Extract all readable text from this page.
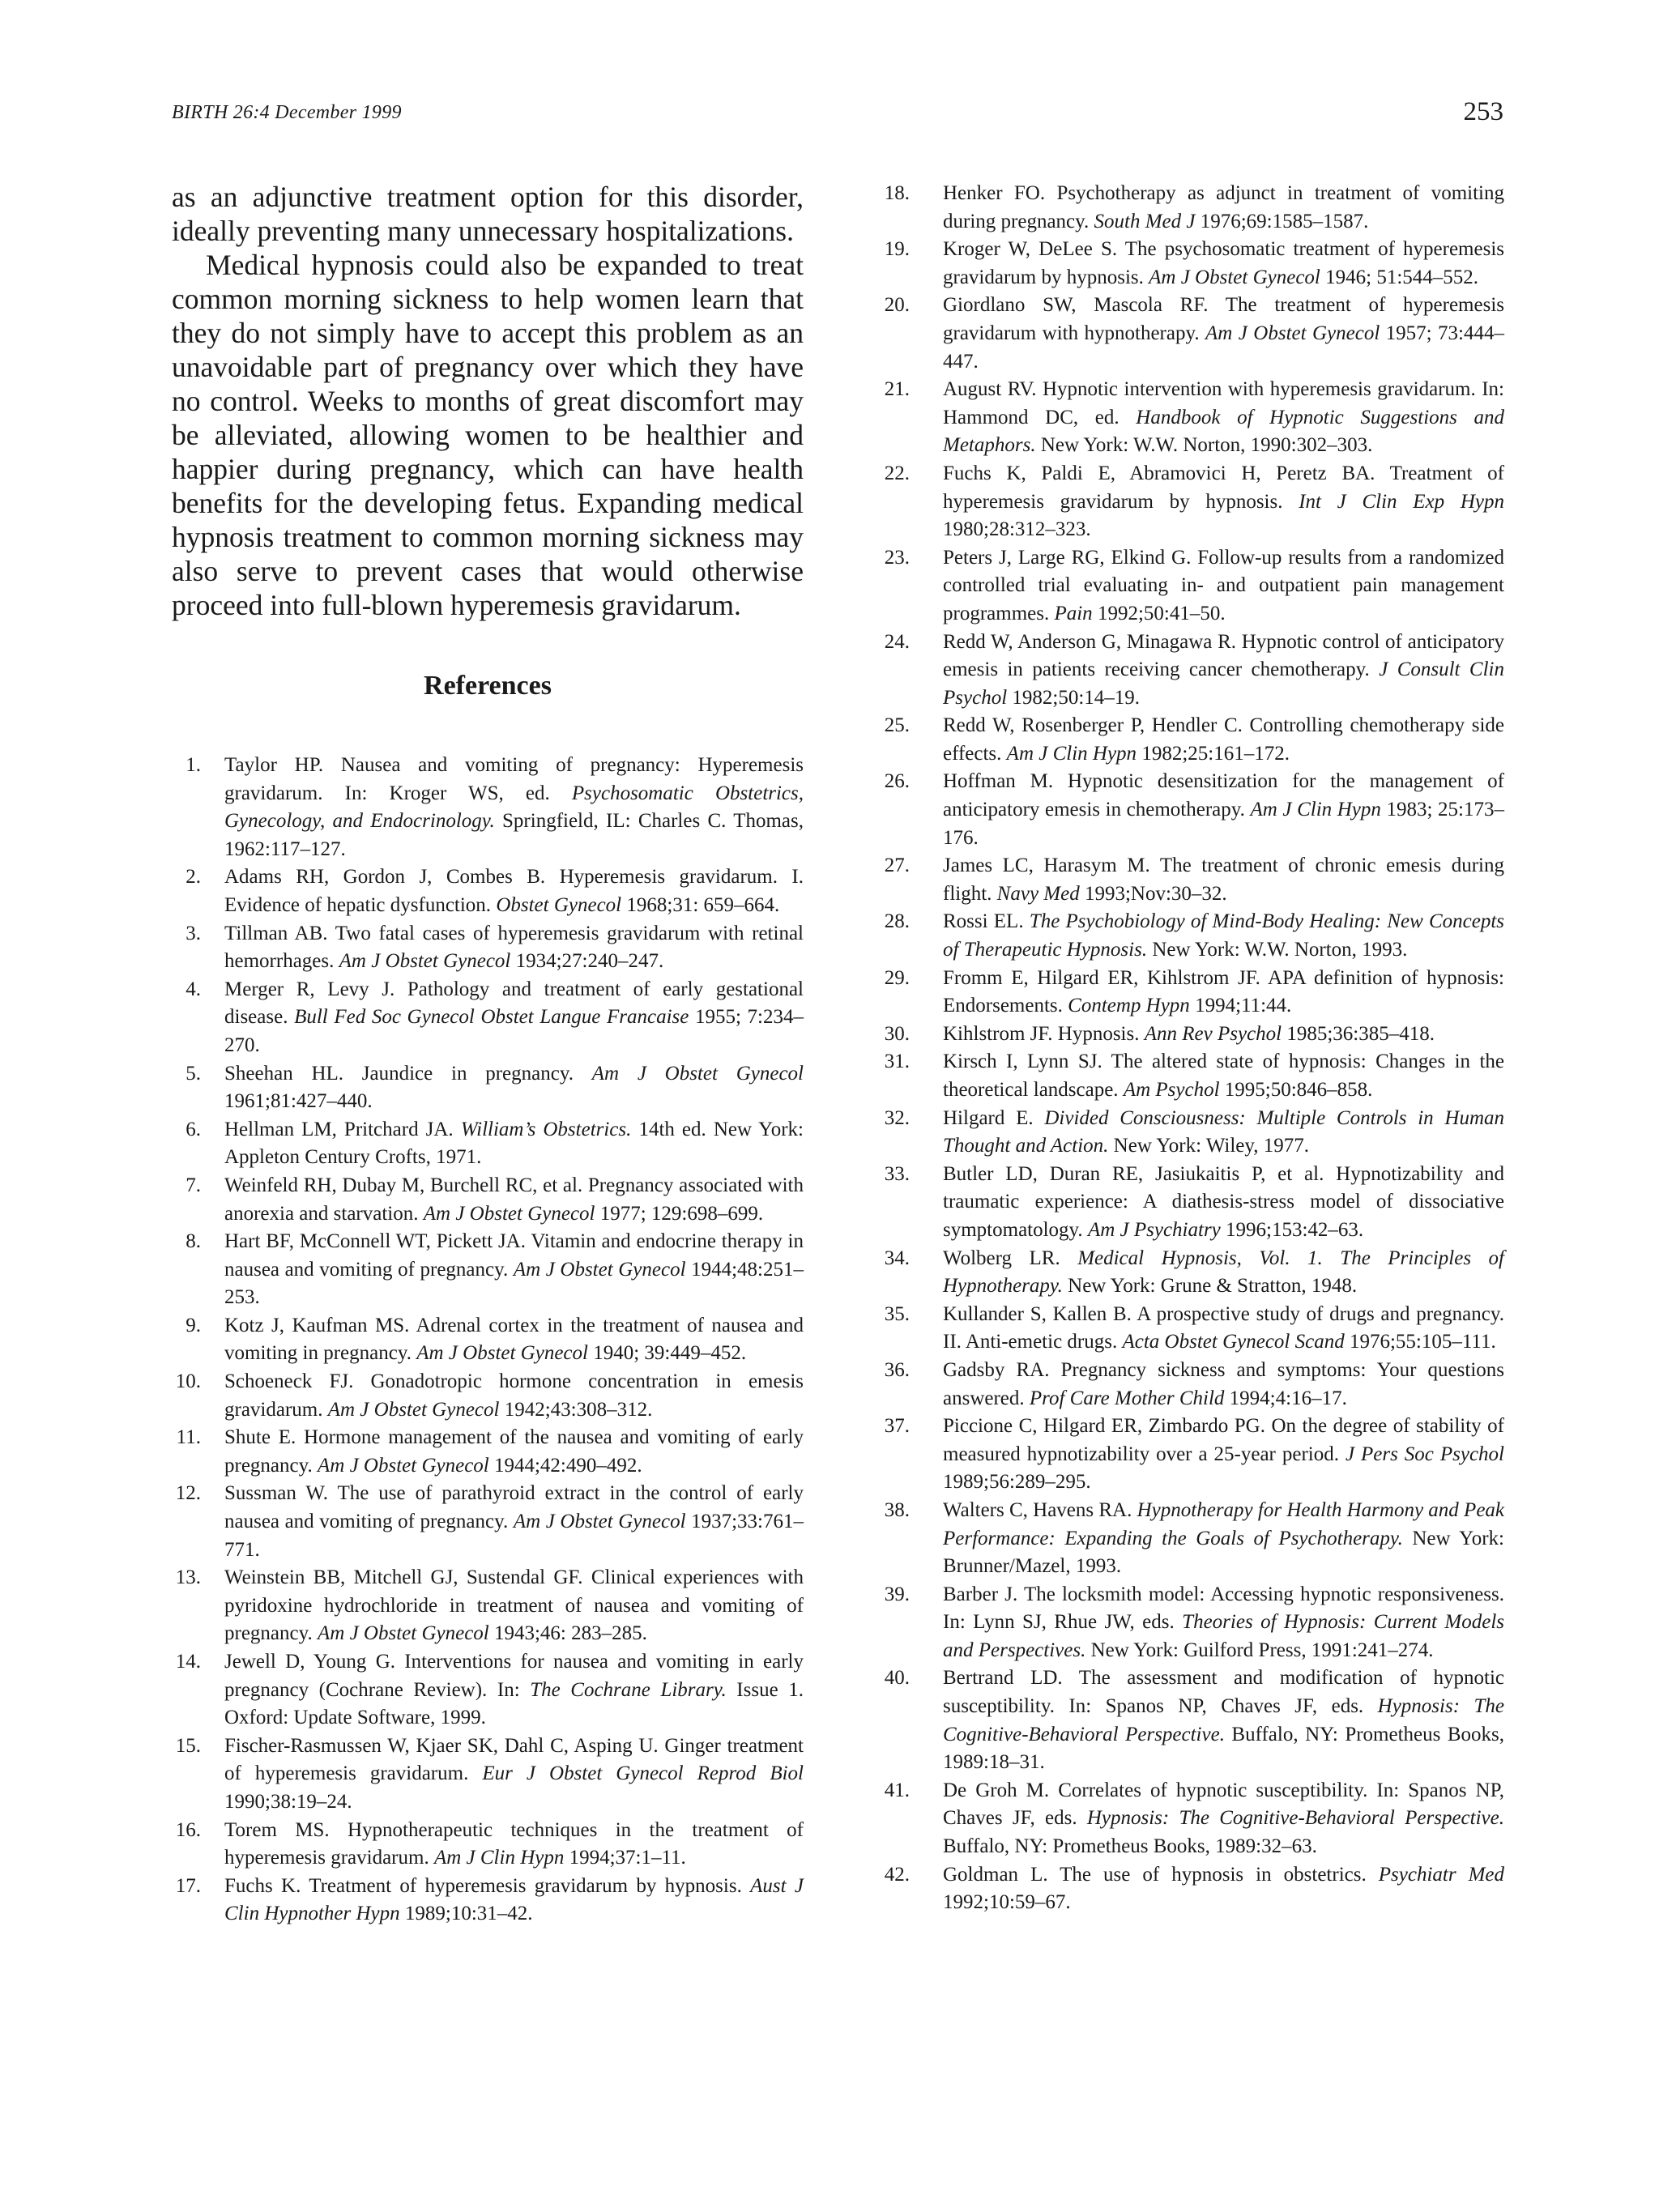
BIRTH 26:4 December 1999	253

as an adjunctive treatment option for this disorder, ideally preventing many unnecessary hospitalizations.

Medical hypnosis could also be expanded to treat common morning sickness to help women learn that they do not simply have to accept this problem as an unavoidable part of pregnancy over which they have no control. Weeks to months of great discomfort may be alleviated, allowing women to be healthier and happier during pregnancy, which can have health benefits for the developing fetus. Expanding medical hypnosis treatment to common morning sickness may also serve to prevent cases that would otherwise proceed into full-blown hyperemesis gravidarum.

References
1. Taylor HP. Nausea and vomiting of pregnancy: Hyperemesis gravidarum. In: Kroger WS, ed. Psychosomatic Obstetrics, Gynecology, and Endocrinology. Springfield, IL: Charles C. Thomas, 1962:117–127.
2. Adams RH, Gordon J, Combes B. Hyperemesis gravidarum. I. Evidence of hepatic dysfunction. Obstet Gynecol 1968;31: 659–664.
3. Tillman AB. Two fatal cases of hyperemesis gravidarum with retinal hemorrhages. Am J Obstet Gynecol 1934;27:240–247.
4. Merger R, Levy J. Pathology and treatment of early gestational disease. Bull Fed Soc Gynecol Obstet Langue Francaise 1955; 7:234–270.
5. Sheehan HL. Jaundice in pregnancy. Am J Obstet Gynecol 1961;81:427–440.
6. Hellman LM, Pritchard JA. William’s Obstetrics. 14th ed. New York: Appleton Century Crofts, 1971.
7. Weinfeld RH, Dubay M, Burchell RC, et al. Pregnancy associated with anorexia and starvation. Am J Obstet Gynecol 1977; 129:698–699.
8. Hart BF, McConnell WT, Pickett JA. Vitamin and endocrine therapy in nausea and vomiting of pregnancy. Am J Obstet Gynecol 1944;48:251–253.
9. Kotz J, Kaufman MS. Adrenal cortex in the treatment of nausea and vomiting in pregnancy. Am J Obstet Gynecol 1940; 39:449–452.
10. Schoeneck FJ. Gonadotropic hormone concentration in emesis gravidarum. Am J Obstet Gynecol 1942;43:308–312.
11. Shute E. Hormone management of the nausea and vomiting of early pregnancy. Am J Obstet Gynecol 1944;42:490–492.
12. Sussman W. The use of parathyroid extract in the control of early nausea and vomiting of pregnancy. Am J Obstet Gynecol 1937;33:761–771.
13. Weinstein BB, Mitchell GJ, Sustendal GF. Clinical experiences with pyridoxine hydrochloride in treatment of nausea and vomiting of pregnancy. Am J Obstet Gynecol 1943;46: 283–285.
14. Jewell D, Young G. Interventions for nausea and vomiting in early pregnancy (Cochrane Review). In: The Cochrane Library. Issue 1. Oxford: Update Software, 1999.
15. Fischer-Rasmussen W, Kjaer SK, Dahl C, Asping U. Ginger treatment of hyperemesis gravidarum. Eur J Obstet Gynecol Reprod Biol 1990;38:19–24.
16. Torem MS. Hypnotherapeutic techniques in the treatment of hyperemesis gravidarum. Am J Clin Hypn 1994;37:1–11.
17. Fuchs K. Treatment of hyperemesis gravidarum by hypnosis. Aust J Clin Hypnother Hypn 1989;10:31–42.
18. Henker FO. Psychotherapy as adjunct in treatment of vomiting during pregnancy. South Med J 1976;69:1585–1587.
19. Kroger W, DeLee S. The psychosomatic treatment of hyperemesis gravidarum by hypnosis. Am J Obstet Gynecol 1946; 51:544–552.
20. Giordlano SW, Mascola RF. The treatment of hyperemesis gravidarum with hypnotherapy. Am J Obstet Gynecol 1957; 73:444–447.
21. August RV. Hypnotic intervention with hyperemesis gravidarum. In: Hammond DC, ed. Handbook of Hypnotic Suggestions and Metaphors. New York: W.W. Norton, 1990:302–303.
22. Fuchs K, Paldi E, Abramovici H, Peretz BA. Treatment of hyperemesis gravidarum by hypnosis. Int J Clin Exp Hypn 1980;28:312–323.
23. Peters J, Large RG, Elkind G. Follow-up results from a randomized controlled trial evaluating in- and outpatient pain management programmes. Pain 1992;50:41–50.
24. Redd W, Anderson G, Minagawa R. Hypnotic control of anticipatory emesis in patients receiving cancer chemotherapy. J Consult Clin Psychol 1982;50:14–19.
25. Redd W, Rosenberger P, Hendler C. Controlling chemotherapy side effects. Am J Clin Hypn 1982;25:161–172.
26. Hoffman M. Hypnotic desensitization for the management of anticipatory emesis in chemotherapy. Am J Clin Hypn 1983; 25:173–176.
27. James LC, Harasym M. The treatment of chronic emesis during flight. Navy Med 1993;Nov:30–32.
28. Rossi EL. The Psychobiology of Mind-Body Healing: New Concepts of Therapeutic Hypnosis. New York: W.W. Norton, 1993.
29. Fromm E, Hilgard ER, Kihlstrom JF. APA definition of hypnosis: Endorsements. Contemp Hypn 1994;11:44.
30. Kihlstrom JF. Hypnosis. Ann Rev Psychol 1985;36:385–418.
31. Kirsch I, Lynn SJ. The altered state of hypnosis: Changes in the theoretical landscape. Am Psychol 1995;50:846–858.
32. Hilgard E. Divided Consciousness: Multiple Controls in Human Thought and Action. New York: Wiley, 1977.
33. Butler LD, Duran RE, Jasiukaitis P, et al. Hypnotizability and traumatic experience: A diathesis-stress model of dissociative symptomatology. Am J Psychiatry 1996;153:42–63.
34. Wolberg LR. Medical Hypnosis, Vol. 1. The Principles of Hypnotherapy. New York: Grune & Stratton, 1948.
35. Kullander S, Kallen B. A prospective study of drugs and pregnancy. II. Anti-emetic drugs. Acta Obstet Gynecol Scand 1976;55:105–111.
36. Gadsby RA. Pregnancy sickness and symptoms: Your questions answered. Prof Care Mother Child 1994;4:16–17.
37. Piccione C, Hilgard ER, Zimbardo PG. On the degree of stability of measured hypnotizability over a 25-year period. J Pers Soc Psychol 1989;56:289–295.
38. Walters C, Havens RA. Hypnotherapy for Health Harmony and Peak Performance: Expanding the Goals of Psychotherapy. New York: Brunner/Mazel, 1993.
39. Barber J. The locksmith model: Accessing hypnotic responsiveness. In: Lynn SJ, Rhue JW, eds. Theories of Hypnosis: Current Models and Perspectives. New York: Guilford Press, 1991:241–274.
40. Bertrand LD. The assessment and modification of hypnotic susceptibility. In: Spanos NP, Chaves JF, eds. Hypnosis: The Cognitive-Behavioral Perspective. Buffalo, NY: Prometheus Books, 1989:18–31.
41. De Groh M. Correlates of hypnotic susceptibility. In: Spanos NP, Chaves JF, eds. Hypnosis: The Cognitive-Behavioral Perspective. Buffalo, NY: Prometheus Books, 1989:32–63.
42. Goldman L. The use of hypnosis in obstetrics. Psychiatr Med 1992;10:59–67.
